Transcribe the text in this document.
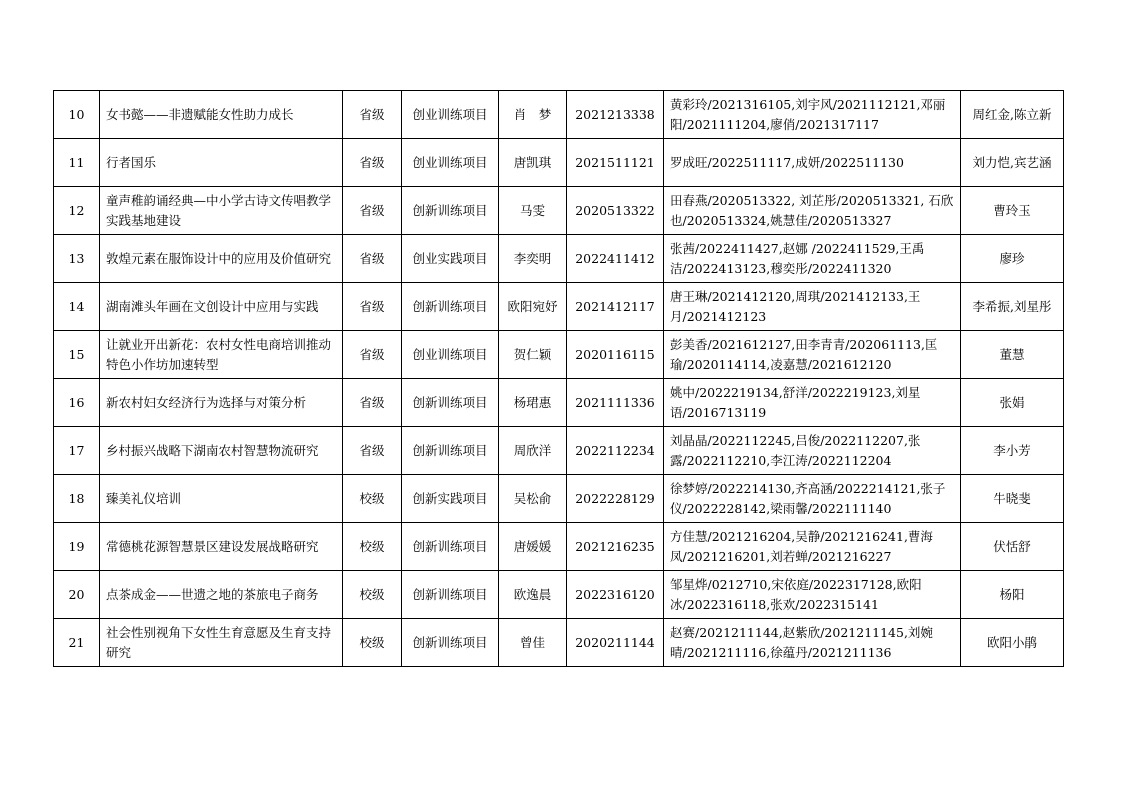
10	女书懿——非遗赋能女性助力成长	省级	创业训练项目	肖　梦	2021213338	黄彩玲/2021316105,刘宇风/2021112121,邓丽阳/2021111204,廖俏/2021317117	周红金,陈立新
11	行者国乐	省级	创业训练项目	唐凯琪	2021511121	罗成旺/2022511117,成妍/2022511130	刘力恺,宾艺涵
12	童声稚韵诵经典—中小学古诗文传唱教学实践基地建设	省级	创新训练项目	马雯	2020513322	田春燕/2020513322, 刘芷彤/2020513321, 石欣也/2020513324,姚慧佳/2020513327	曹玲玉
13	敦煌元素在服饰设计中的应用及价值研究	省级	创业实践项目	李奕明	2022411412	张茜/2022411427,赵娜 /2022411529,王禹洁/2022413123,穆奕彤/2022411320	廖珍
14	湖南滩头年画在文创设计中应用与实践	省级	创新训练项目	欧阳宛妤	2021412117	唐王琳/2021412120,周琪/2021412133,王月/2021412123	李希振,刘星彤
15	让就业开出新花：农村女性电商培训推动特色小作坊加速转型	省级	创业训练项目	贺仁颖	2020116115	彭美香/2021612127,田李青青/202061113,匡瑜/2020114114,凌嘉慧/2021612120	董慧
16	新农村妇女经济行为选择与对策分析	省级	创新训练项目	杨珺惠	2021111336	姚中/2022219134,舒洋/2022219123,刘星语/2016713119	张娟
17	乡村振兴战略下湖南农村智慧物流研究	省级	创新训练项目	周欣洋	2022112234	刘晶晶/2022112245,吕俊/2022112207,张露/2022112210,李江涛/2022112204	李小芳
18	臻美礼仪培训	校级	创新实践项目	吴松俞	2022228129	徐梦婷/2022214130,齐高涵/2022214121,张子仪/2022228142,梁雨馨/2022111140	牛晓斐
19	常德桃花源智慧景区建设发展战略研究	校级	创新训练项目	唐媛媛	2021216235	方佳慧/2021216204,吴静/2021216241,曹海凤/2021216201,刘若蝉/2021216227	伏恬舒
20	点茶成金——世遗之地的茶旅电子商务	校级	创新训练项目	欧逸晨	2022316120	邹星烨/0212710,宋依庭/2022317128,欧阳冰/2022316118,张欢/2022315141	杨阳
21	社会性别视角下女性生育意愿及生育支持研究	校级	创新训练项目	曾佳	2020211144	赵赛/2021211144,赵紫欣/2021211145,刘婉晴/2021211116,徐蕴丹/2021211136	欧阳小鹃
